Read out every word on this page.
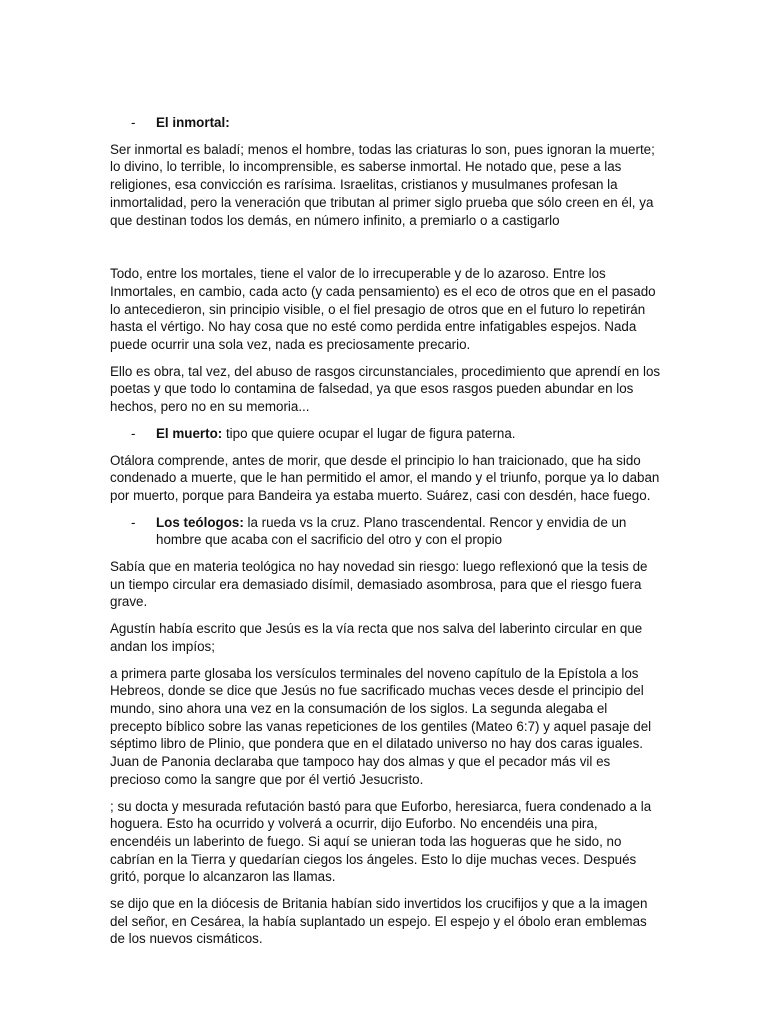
- El inmortal:

Ser inmortal es baladí; menos el hombre, todas las criaturas lo son, pues ignoran la muerte; lo divino, lo terrible, lo incomprensible, es saberse inmortal. He notado que, pese a las religiones, esa convicción es rarísima. Israelitas, cristianos y musulmanes profesan la inmortalidad, pero la veneración que tributan al primer siglo prueba que sólo creen en él, ya que destinan todos los demás, en número infinito, a premiarlo o a castigarlo

Todo, entre los mortales, tiene el valor de lo irrecuperable y de lo azaroso. Entre los Inmortales, en cambio, cada acto (y cada pensamiento) es el eco de otros que en el pasado lo antecedieron, sin principio visible, o el fiel presagio de otros que en el futuro lo repetirán hasta el vértigo. No hay cosa que no esté como perdida entre infatigables espejos. Nada puede ocurrir una sola vez, nada es preciosamente precario.

Ello es obra, tal vez, del abuso de rasgos circunstanciales, procedimiento que aprendí en los poetas y que todo lo contamina de falsedad, ya que esos rasgos pueden abundar en los hechos, pero no en su memoria...

- El muerto: tipo que quiere ocupar el lugar de figura paterna.

Otálora comprende, antes de morir, que desde el principio lo han traicionado, que ha sido condenado a muerte, que le han permitido el amor, el mando y el triunfo, porque ya lo daban por muerto, porque para Bandeira ya estaba muerto. Suárez, casi con desdén, hace fuego.

- Los teólogos: la rueda vs la cruz. Plano trascendental. Rencor y envidia de un hombre que acaba con el sacrificio del otro y con el propio

Sabía que en materia teológica no hay novedad sin riesgo: luego reflexionó que la tesis de un tiempo circular era demasiado disímil, demasiado asombrosa, para que el riesgo fuera grave.

Agustín había escrito que Jesús es la vía recta que nos salva del laberinto circular en que andan los impíos;

a primera parte glosaba los versículos terminales del noveno capítulo de la Epístola a los Hebreos, donde se dice que Jesús no fue sacrificado muchas veces desde el principio del mundo, sino ahora una vez en la consumación de los siglos. La segunda alegaba el precepto bíblico sobre las vanas repeticiones de los gentiles (Mateo 6:7) y aquel pasaje del séptimo libro de Plinio, que pondera que en el dilatado universo no hay dos caras iguales. Juan de Panonia declaraba que tampoco hay dos almas y que el pecador más vil es precioso como la sangre que por él vertió Jesucristo.

; su docta y mesurada refutación bastó para que Euforbo, heresiarca, fuera condenado a la hoguera. Esto ha ocurrido y volverá a ocurrir, dijo Euforbo. No encendéis una pira, encendéis un laberinto de fuego. Si aquí se unieran toda las hogueras que he sido, no cabrían en la Tierra y quedarían ciegos los ángeles. Esto lo dije muchas veces. Después gritó, porque lo alcanzaron las llamas.

se dijo que en la diócesis de Britania habían sido invertidos los crucifijos y que a la imagen del señor, en Cesárea, la había suplantado un espejo. El espejo y el óbolo eran emblemas de los nuevos cismáticos.
